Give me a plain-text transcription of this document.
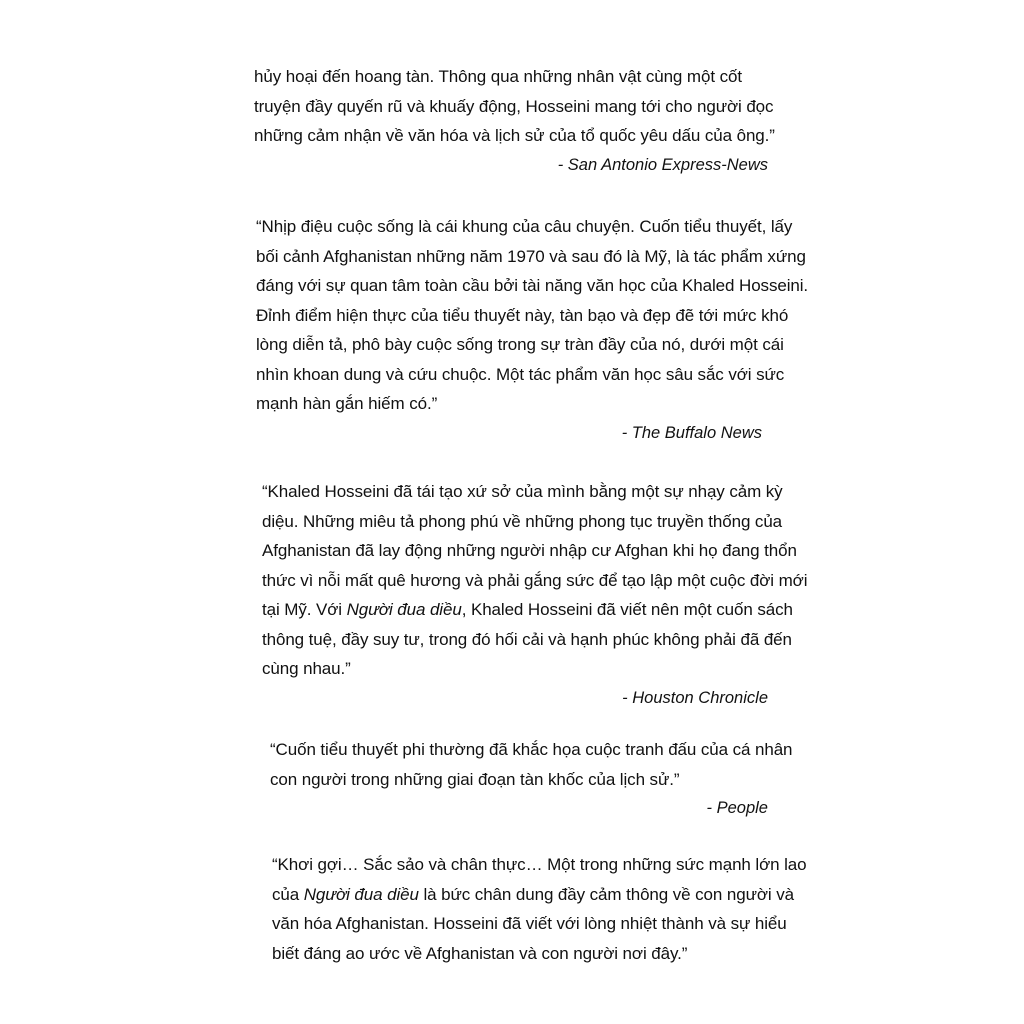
hủy hoại đến hoang tàn. Thông qua những nhân vật cùng một cốt
truyện đầy quyến rũ và khuấy động, Hosseini mang tới cho người đọc
những cảm nhận về văn hóa và lịch sử của tổ quốc yêu dấu của ông.”
- San Antonio Express-News
“Nhịp điệu cuộc sống là cái khung của câu chuyện. Cuốn tiểu thuyết, lấy
bối cảnh Afghanistan những năm 1970 và sau đó là Mỹ, là tác phẩm xứng
đáng với sự quan tâm toàn cầu bởi tài năng văn học của Khaled Hosseini.
Đỉnh điểm hiện thực của tiểu thuyết này, tàn bạo và đẹp đẽ tới mức khó
lòng diễn tả, phô bày cuộc sống trong sự tràn đầy của nó, dưới một cái
nhìn khoan dung và cứu chuộc. Một tác phẩm văn học sâu sắc với sức
mạnh hàn gắn hiếm có.”
- The Buffalo News
“Khaled Hosseini đã tái tạo xứ sở của mình bằng một sự nhạy cảm kỳ
diệu. Những miêu tả phong phú về những phong tục truyền thống của
Afghanistan đã lay động những người nhập cư Afghan khi họ đang thổn
thức vì nỗi mất quê hương và phải gắng sức để tạo lập một cuộc đời mới
tại Mỹ. Với Người đua diều, Khaled Hosseini đã viết nên một cuốn sách
thông tuệ, đầy suy tư, trong đó hối cải và hạnh phúc không phải đã đến
cùng nhau.”
- Houston Chronicle
“Cuốn tiểu thuyết phi thường đã khắc họa cuộc tranh đấu của cá nhân
con người trong những giai đoạn tàn khốc của lịch sử.”
- People
“Khơi gợi… Sắc sảo và chân thực… Một trong những sức mạnh lớn lao
của Người đua diều là bức chân dung đầy cảm thông về con người và
văn hóa Afghanistan. Hosseini đã viết với lòng nhiệt thành và sự hiểu
biết đáng ao ước về Afghanistan và con người nơi đây.”
